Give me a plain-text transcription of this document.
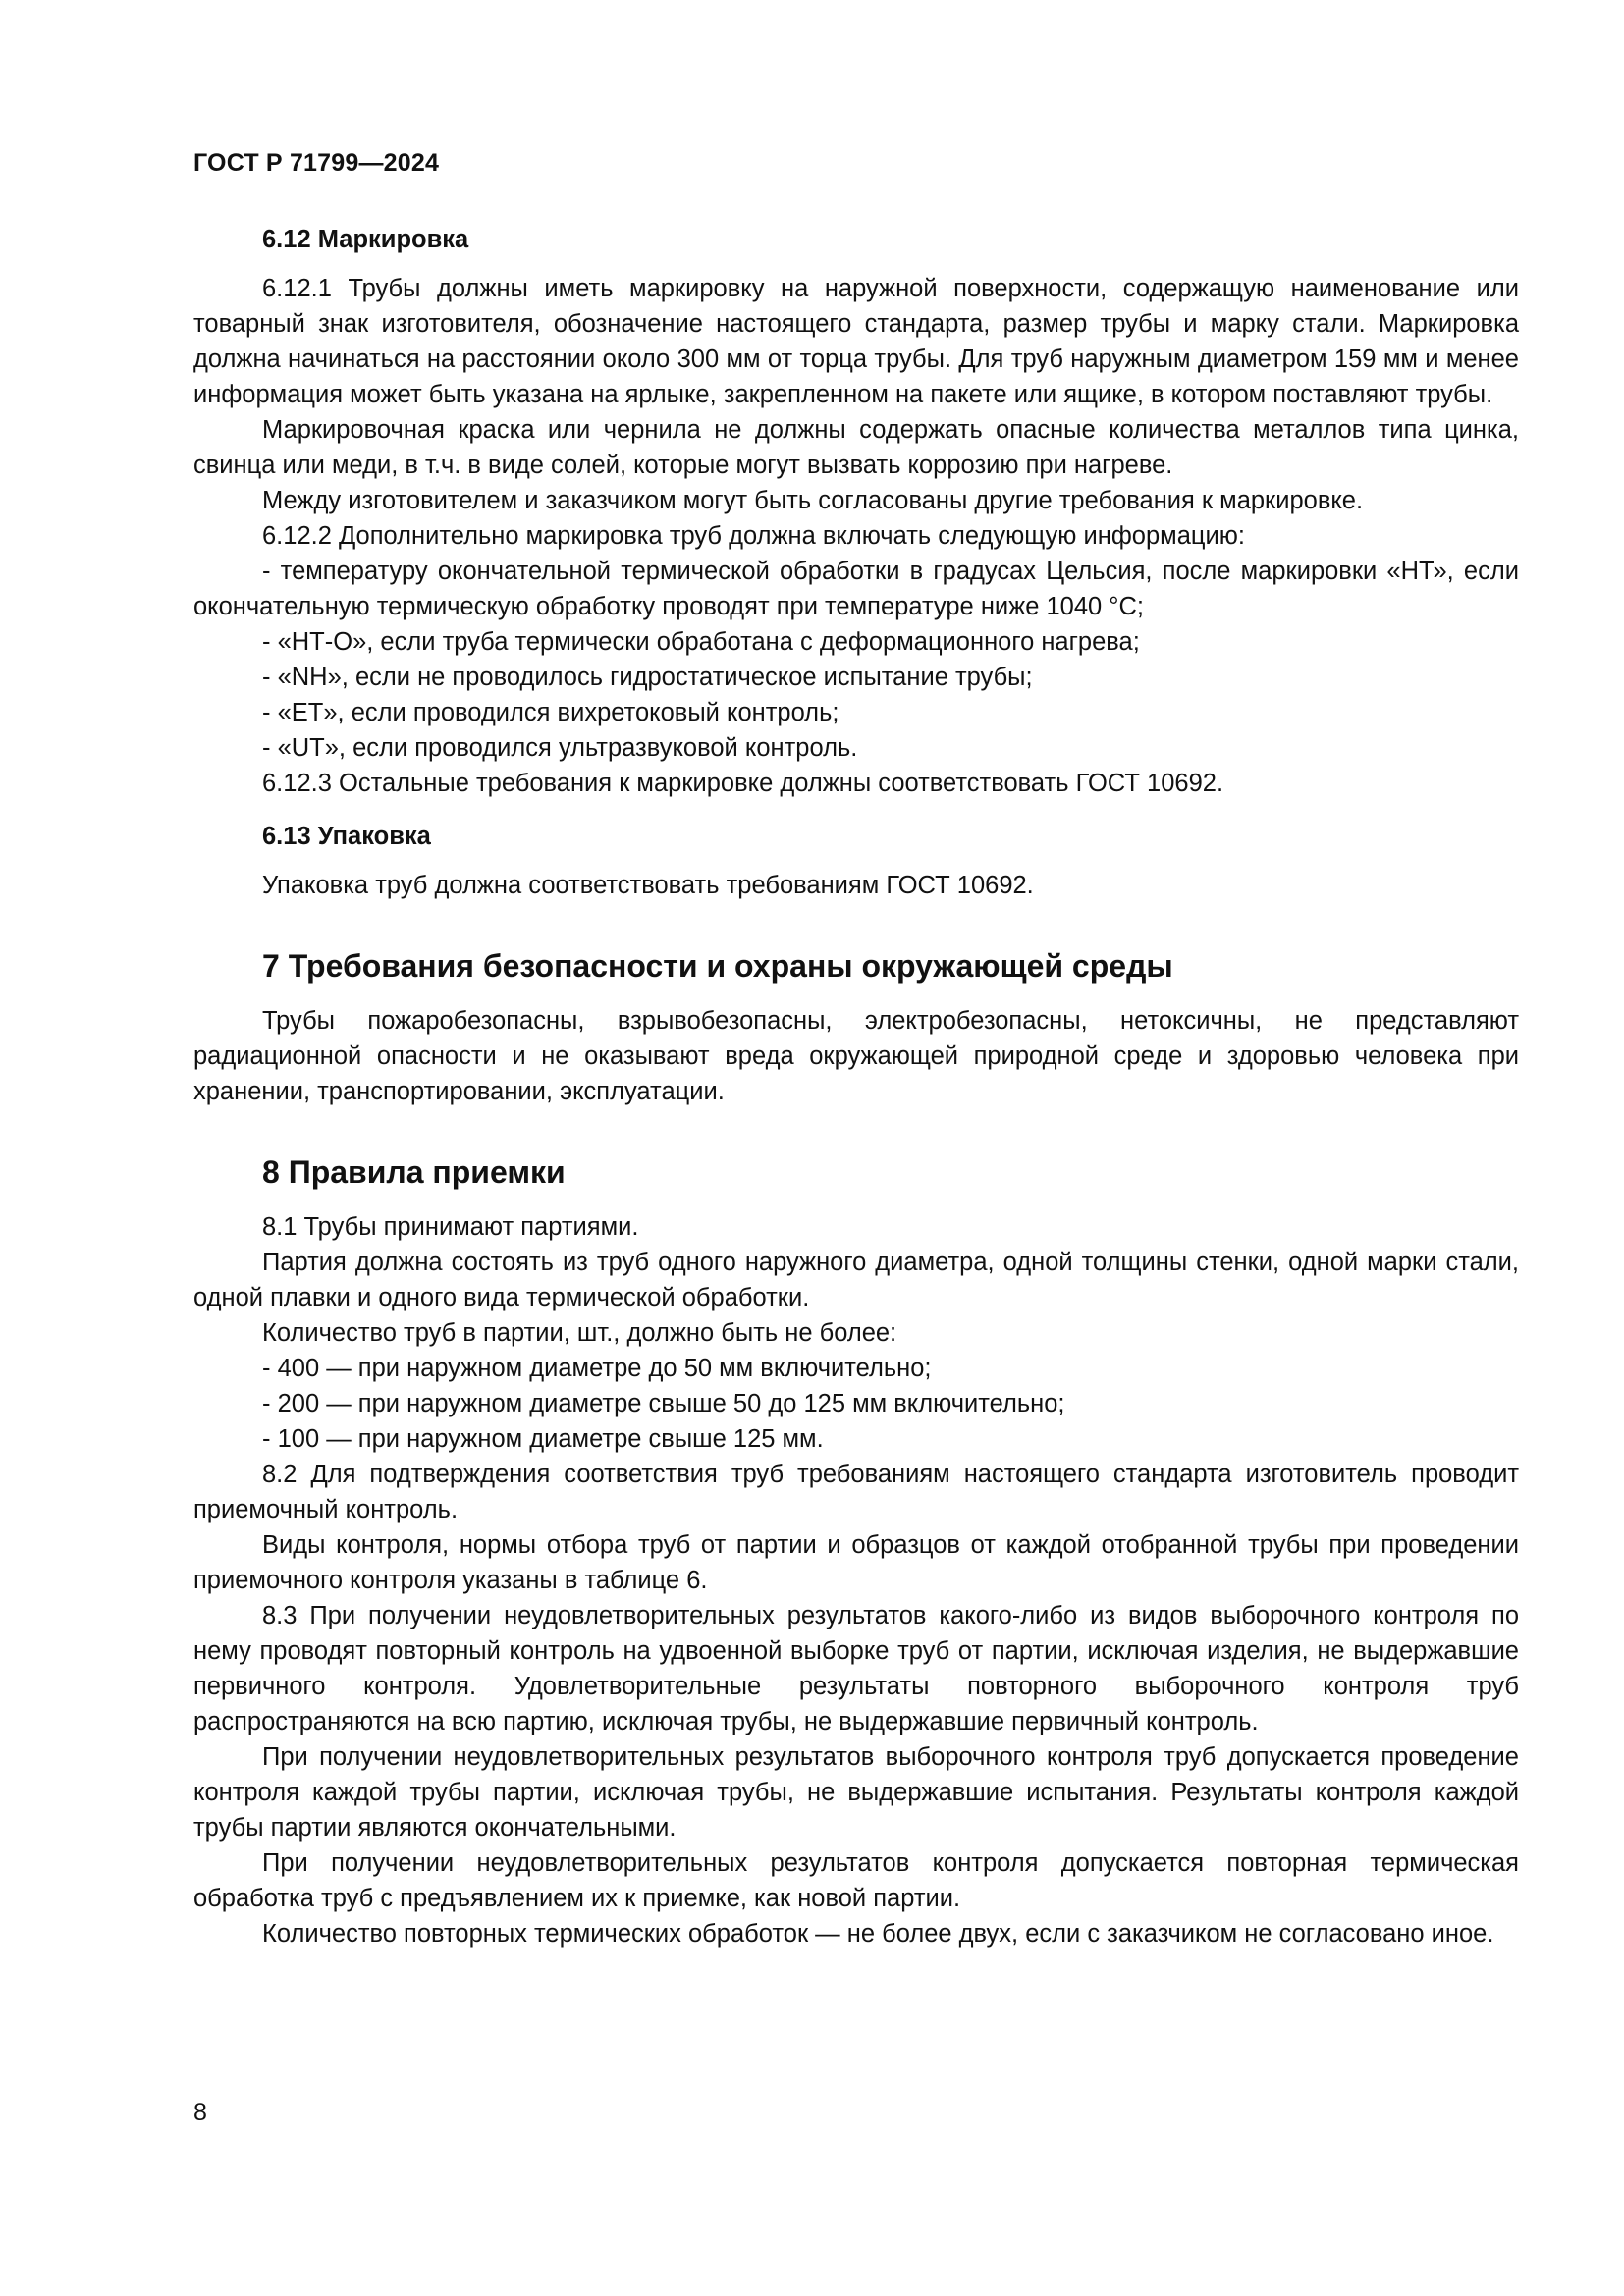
ГОСТ Р 71799—2024
6.12 Маркировка

6.12.1 Трубы должны иметь маркировку на наружной поверхности, содержащую наименование или товарный знак изготовителя, обозначение настоящего стандарта, размер трубы и марку стали. Маркировка должна начинаться на расстоянии около 300 мм от торца трубы. Для труб наружным диаметром 159 мм и менее информация может быть указана на ярлыке, закрепленном на пакете или ящике, в котором поставляют трубы.

Маркировочная краска или чернила не должны содержать опасные количества металлов типа цинка, свинца или меди, в т.ч. в виде солей, которые могут вызвать коррозию при нагреве.

Между изготовителем и заказчиком могут быть согласованы другие требования к маркировке.

6.12.2 Дополнительно маркировка труб должна включать следующую информацию:

- температуру окончательной термической обработки в градусах Цельсия, после маркировки «НТ», если окончательную термическую обработку проводят при температуре ниже 1040 °C;

- «НТ-О», если труба термически обработана с деформационного нагрева;

- «NH», если не проводилось гидростатическое испытание трубы;

- «ET», если проводился вихретоковый контроль;

- «UT», если проводился ультразвуковой контроль.

6.12.3 Остальные требования к маркировке должны соответствовать ГОСТ 10692.

6.13 Упаковка

Упаковка труб должна соответствовать требованиям ГОСТ 10692.

7 Требования безопасности и охраны окружающей среды

Трубы пожаробезопасны, взрывобезопасны, электробезопасны, нетоксичны, не представляют радиационной опасности и не оказывают вреда окружающей природной среде и здоровью человека при хранении, транспортировании, эксплуатации.

8 Правила приемки

8.1 Трубы принимают партиями.

Партия должна состоять из труб одного наружного диаметра, одной толщины стенки, одной марки стали, одной плавки и одного вида термической обработки.

Количество труб в партии, шт., должно быть не более:

- 400 — при наружном диаметре до 50 мм включительно;

- 200 — при наружном диаметре свыше 50 до 125 мм включительно;

- 100 — при наружном диаметре свыше 125 мм.

8.2 Для подтверждения соответствия труб требованиям настоящего стандарта изготовитель проводит приемочный контроль.

Виды контроля, нормы отбора труб от партии и образцов от каждой отобранной трубы при проведении приемочного контроля указаны в таблице 6.

8.3 При получении неудовлетворительных результатов какого-либо из видов выборочного контроля по нему проводят повторный контроль на удвоенной выборке труб от партии, исключая изделия, не выдержавшие первичного контроля. Удовлетворительные результаты повторного выборочного контроля труб распространяются на всю партию, исключая трубы, не выдержавшие первичный контроль.

При получении неудовлетворительных результатов выборочного контроля труб допускается проведение контроля каждой трубы партии, исключая трубы, не выдержавшие испытания. Результаты контроля каждой трубы партии являются окончательными.

При получении неудовлетворительных результатов контроля допускается повторная термическая обработка труб с предъявлением их к приемке, как новой партии.

Количество повторных термических обработок — не более двух, если с заказчиком не согласовано иное.

8
